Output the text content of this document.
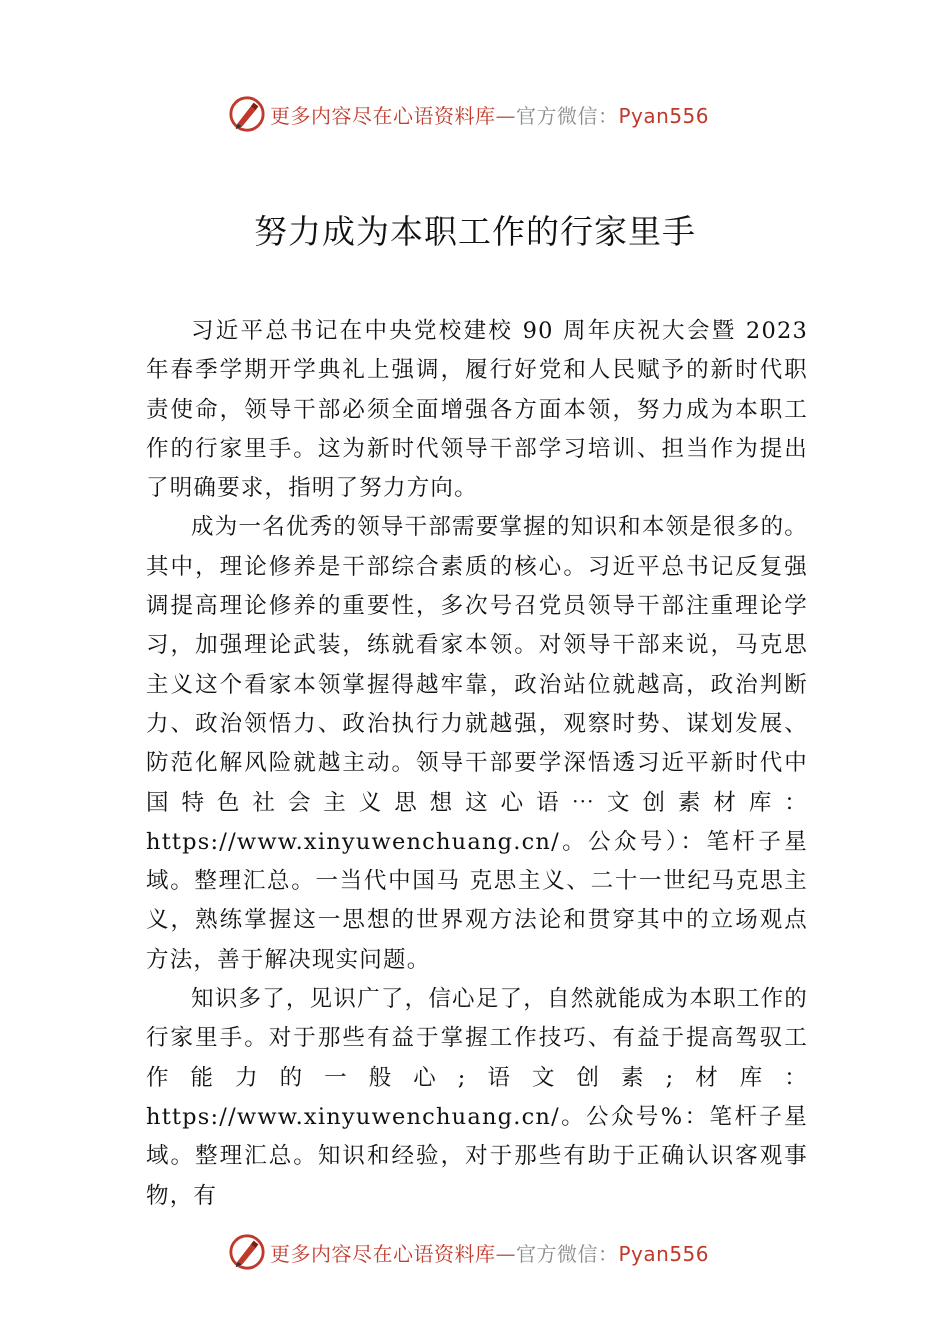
更多内容尽在心语资料库—官方微信：Pyan556
努力成为本职工作的行家里手

习近平总书记在中央党校建校 90 周年庆祝大会暨 2023 年春季学期开学典礼上强调，履行好党和人民赋予的新时代职责使命，领导干部必须全面增强各方面本领，努力成为本职工作的行家里手。这为新时代领导干部学习培训、担当作为提出了明确要求，指明了努力方向。

成为一名优秀的领导干部需要掌握的知识和本领是很多的。其中，理论修养是干部综合素质的核心。习近平总书记反复强调提高理论修养的重要性，多次号召党员领导干部注重理论学习，加强理论武装，练就看家本领。对领导干部来说，马克思主义这个看家本领掌握得越牢靠，政治站位就越高，政治判断力、政治领悟力、政治执行力就越强，观察时势、谋划发展、防范化解风险就越主动。领导干部要学深悟透习近平新时代中国特色社会主义思想这心语⋯文创素材库：https://www.xinyuwenchuang.cn/。公众号）：笔杆子星域。整理汇总。一当代中国马 克思主义、二十一世纪马克思主义，熟练掌握这一思想的世界观方法论和贯穿其中的立场观点方法，善于解决现实问题。

知识多了，见识广了，信心足了，自然就能成为本职工作的行家里手。对于那些有益于掌握工作技巧、有益于提高驾驭工作能力的一般心;语文创素;材库：https://www.xinyuwenchuang.cn/。公众号%：笔杆子星域。整理汇总。知识和经验，对于那些有助于正确认识客观事物，有

更多内容尽在心语资料库—官方微信：Pyan556
